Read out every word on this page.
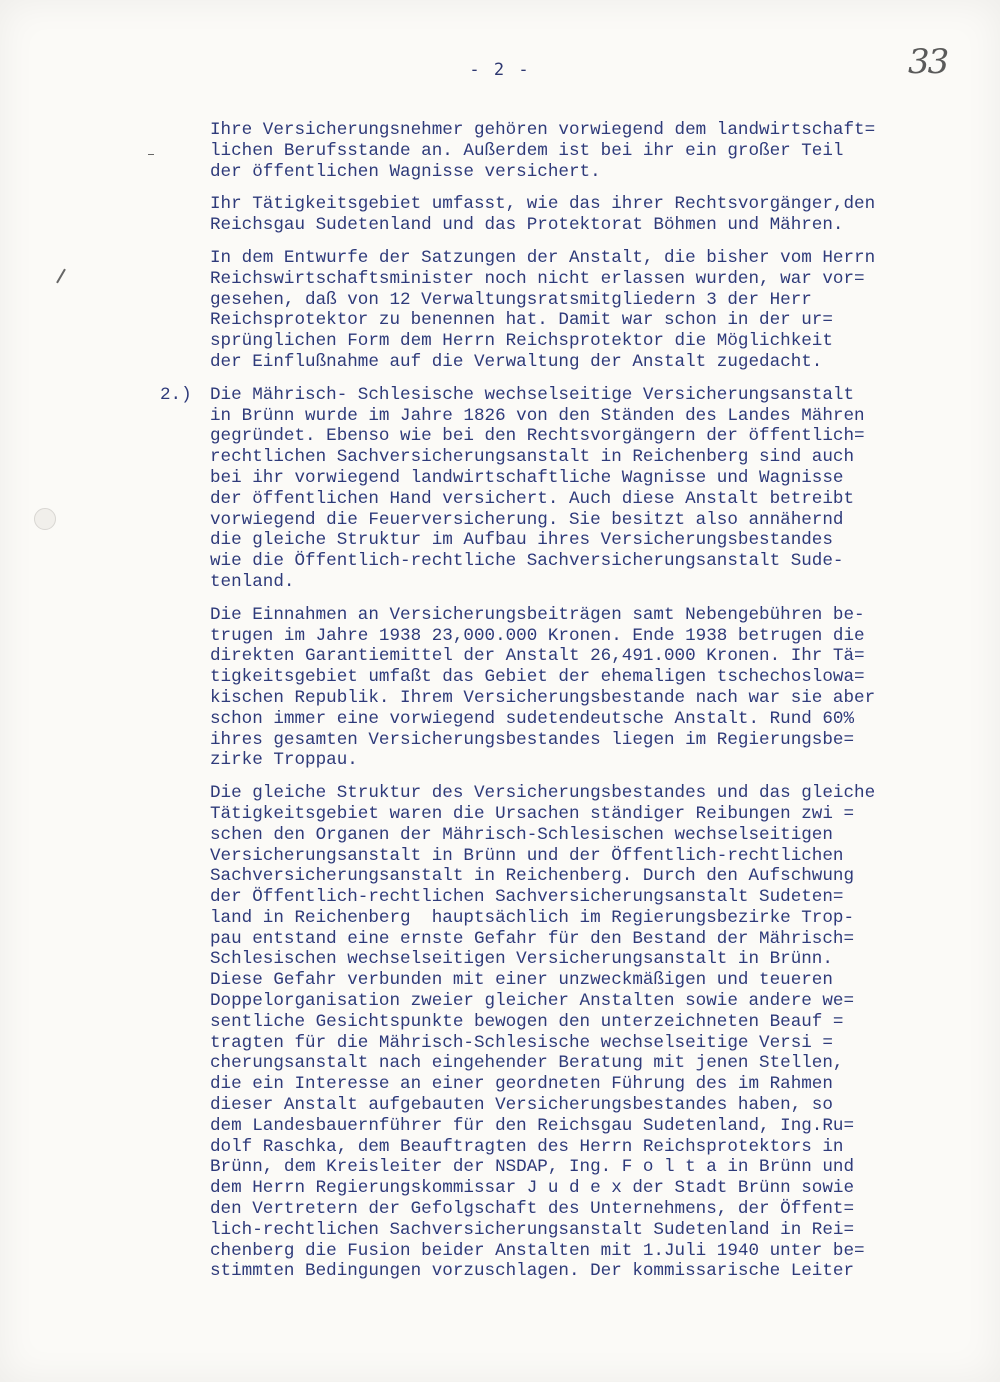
- 2 -	33
Ihre Versicherungsnehmer gehören vorwiegend dem landwirtschaft=
lichen Berufsstande an. Außerdem ist bei ihr ein großer Teil
der öffentlichen Wagnisse versichert.
Ihr Tätigkeitsgebiet umfasst, wie das ihrer Rechtsvorgänger,den
Reichsgau Sudetenland und das Protektorat Böhmen und Mähren.
In dem Entwurfe der Satzungen der Anstalt, die bisher vom Herrn
Reichswirtschaftsminister noch nicht erlassen wurden, war vor=
gesehen, daß von 12 Verwaltungsratsmitgliedern 3 der Herr
Reichsprotektor zu benennen hat. Damit war schon in der ur=
sprünglichen Form dem Herrn Reichsprotektor die Möglichkeit
der Einflußnahme auf die Verwaltung der Anstalt zugedacht.
2.) Die Mährisch- Schlesische wechselseitige Versicherungsanstalt
in Brünn wurde im Jahre 1826 von den Ständen des Landes Mähren
gegründet. Ebenso wie bei den Rechtsvorgängern der öffentlich=
rechtlichen Sachversicherungsanstalt in Reichenberg sind auch
bei ihr vorwiegend landwirtschaftliche Wagnisse und Wagnisse
der öffentlichen Hand versichert. Auch diese Anstalt betreibt
vorwiegend die Feuerversicherung. Sie besitzt also annähernd
die gleiche Struktur im Aufbau ihres Versicherungsbestandes
wie die Öffentlich-rechtliche Sachversicherungsanstalt Sude-
tenland.
Die Einnahmen an Versicherungsbeiträgen samt Nebengebühren be-
trugen im Jahre 1938 23,000.000 Kronen. Ende 1938 betrugen die
direkten Garantiemittel der Anstalt 26,491.000 Kronen. Ihr Tä=
tigkeitsgebiet umfaßt das Gebiet der ehemaligen tschechoslowa=
kischen Republik. Ihrem Versicherungsbestande nach war sie aber
schon immer eine vorwiegend sudetendeutsche Anstalt. Rund 60%
ihres gesamten Versicherungsbestandes liegen im Regierungsbe=
zirke Troppau.
Die gleiche Struktur des Versicherungsbestandes und das gleiche
Tätigkeitsgebiet waren die Ursachen ständiger Reibungen zwi =
schen den Organen der Mährisch-Schlesischen wechselseitigen
Versicherungsanstalt in Brünn und der Öffentlich-rechtlichen
Sachversicherungsanstalt in Reichenberg. Durch den Aufschwung
der Öffentlich-rechtlichen Sachversicherungsanstalt Sudeten=
land in Reichenberg  hauptsächlich im Regierungsbezirke Trop-
pau entstand eine ernste Gefahr für den Bestand der Mährisch=
Schlesischen wechselseitigen Versicherungsanstalt in Brünn.
Diese Gefahr verbunden mit einer unzweckmäßigen und teueren
Doppelorganisation zweier gleicher Anstalten sowie andere we=
sentliche Gesichtspunkte bewogen den unterzeichneten Beauf =
tragten für die Mährisch-Schlesische wechselseitige Versi =
cherungsanstalt nach eingehender Beratung mit jenen Stellen,
die ein Interesse an einer geordneten Führung des im Rahmen
dieser Anstalt aufgebauten Versicherungsbestandes haben, so
dem Landesbauernführer für den Reichsgau Sudetenland, Ing.Ru=
dolf Raschka, dem Beauftragten des Herrn Reichsprotektors in
Brünn, dem Kreisleiter der NSDAP, Ing. F o l t a in Brünn und
dem Herrn Regierungskommissar J u d e x der Stadt Brünn sowie
den Vertretern der Gefolgschaft des Unternehmens, der Öffent=
lich-rechtlichen Sachversicherungsanstalt Sudetenland in Rei=
chenberg die Fusion beider Anstalten mit 1.Juli 1940 unter be=
stimmten Bedingungen vorzuschlagen. Der kommissarische Leiter
